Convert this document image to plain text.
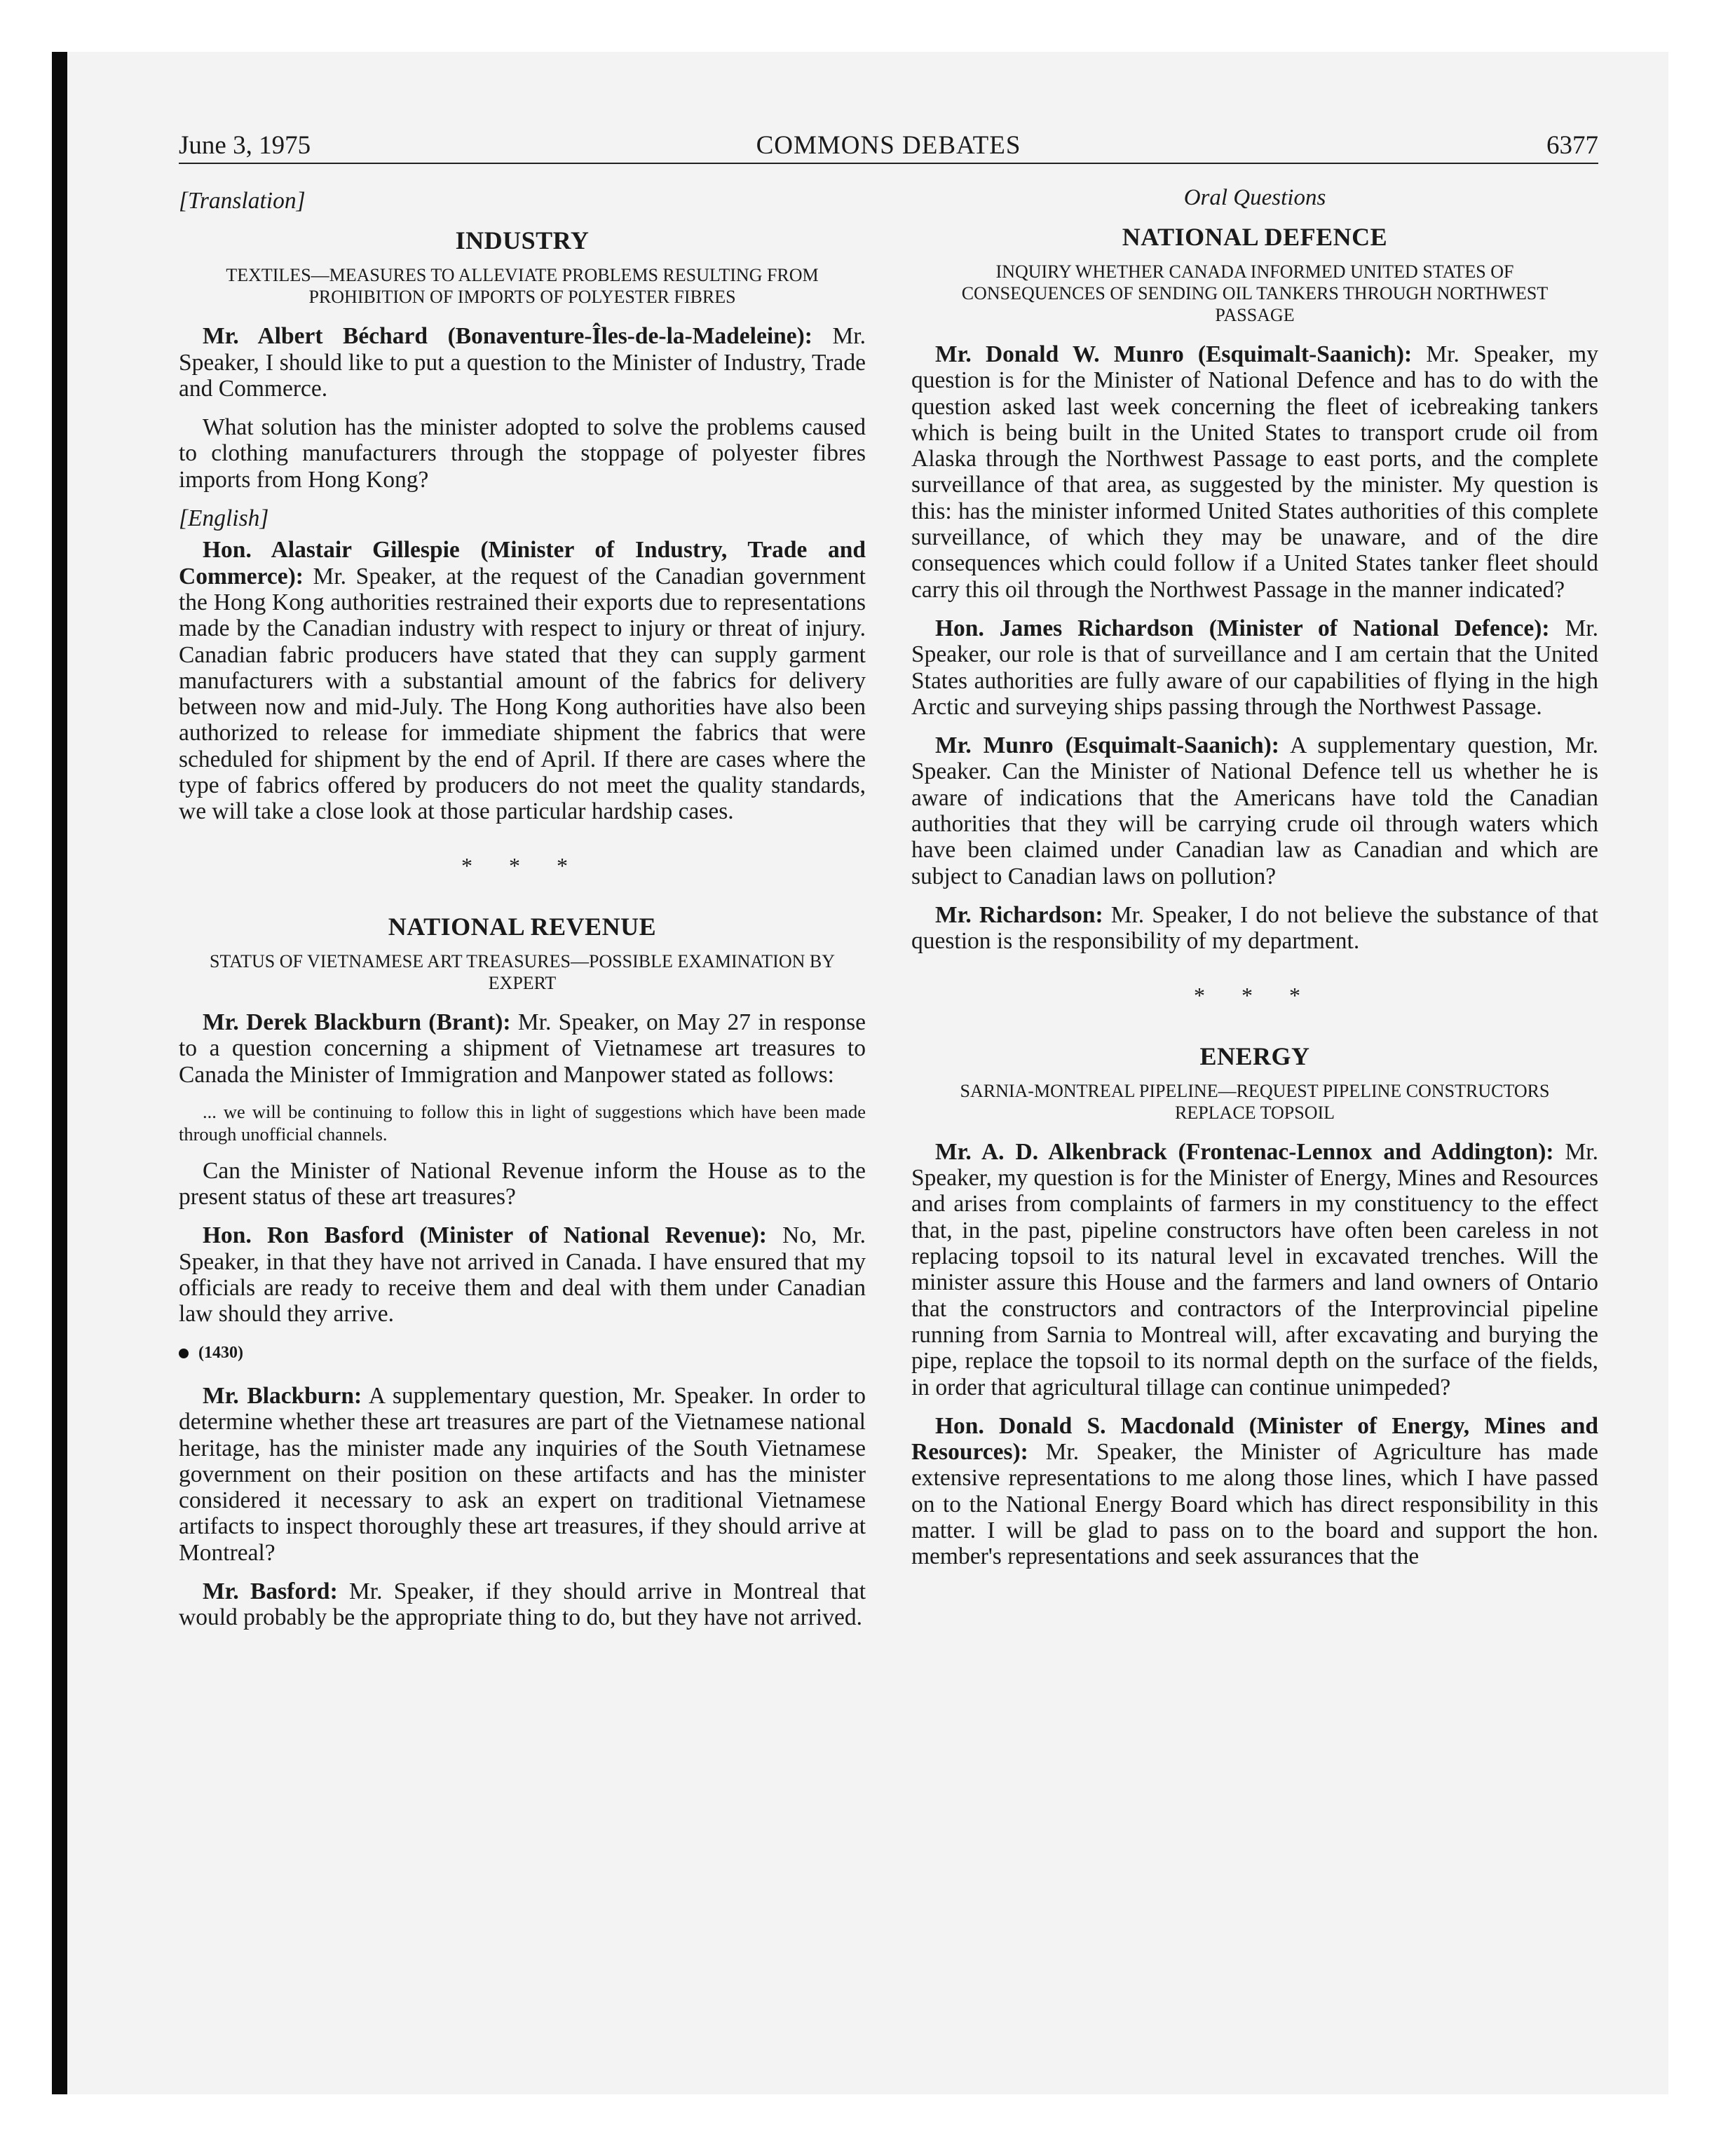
June 3, 1975	COMMONS DEBATES	6377

[Translation]

INDUSTRY
TEXTILES—MEASURES TO ALLEVIATE PROBLEMS RESULTING FROM PROHIBITION OF IMPORTS OF POLYESTER FIBRES

Mr. Albert Béchard (Bonaventure-Îles-de-la-Madeleine): Mr. Speaker, I should like to put a question to the Minister of Industry, Trade and Commerce.

What solution has the minister adopted to solve the problems caused to clothing manufacturers through the stoppage of polyester fibres imports from Hong Kong?

[English]

Hon. Alastair Gillespie (Minister of Industry, Trade and Commerce): Mr. Speaker, at the request of the Canadian government the Hong Kong authorities restrained their exports due to representations made by the Canadian industry with respect to injury or threat of injury. Canadian fabric producers have stated that they can supply garment manufacturers with a substantial amount of the fabrics for delivery between now and mid-July. The Hong Kong authorities have also been authorized to release for immediate shipment the fabrics that were scheduled for shipment by the end of April. If there are cases where the type of fabrics offered by producers do not meet the quality standards, we will take a close look at those particular hardship cases.

* * *
NATIONAL REVENUE
STATUS OF VIETNAMESE ART TREASURES—POSSIBLE EXAMINATION BY EXPERT

Mr. Derek Blackburn (Brant): Mr. Speaker, on May 27 in response to a question concerning a shipment of Vietnamese art treasures to Canada the Minister of Immigration and Manpower stated as follows:

... we will be continuing to follow this in light of suggestions which have been made through unofficial channels.

Can the Minister of National Revenue inform the House as to the present status of these art treasures?

Hon. Ron Basford (Minister of National Revenue): No, Mr. Speaker, in that they have not arrived in Canada. I have ensured that my officials are ready to receive them and deal with them under Canadian law should they arrive.

(1430)

Mr. Blackburn: A supplementary question, Mr. Speaker. In order to determine whether these art treasures are part of the Vietnamese national heritage, has the minister made any inquiries of the South Vietnamese government on their position on these artifacts and has the minister considered it necessary to ask an expert on traditional Vietnamese artifacts to inspect thoroughly these art treasures, if they should arrive at Montreal?

Mr. Basford: Mr. Speaker, if they should arrive in Montreal that would probably be the appropriate thing to do, but they have not arrived.

Oral Questions
NATIONAL DEFENCE
INQUIRY WHETHER CANADA INFORMED UNITED STATES OF CONSEQUENCES OF SENDING OIL TANKERS THROUGH NORTHWEST PASSAGE

Mr. Donald W. Munro (Esquimalt-Saanich): Mr. Speaker, my question is for the Minister of National Defence and has to do with the question asked last week concerning the fleet of icebreaking tankers which is being built in the United States to transport crude oil from Alaska through the Northwest Passage to east ports, and the complete surveillance of that area, as suggested by the minister. My question is this: has the minister informed United States authorities of this complete surveillance, of which they may be unaware, and of the dire consequences which could follow if a United States tanker fleet should carry this oil through the Northwest Passage in the manner indicated?

Hon. James Richardson (Minister of National Defence): Mr. Speaker, our role is that of surveillance and I am certain that the United States authorities are fully aware of our capabilities of flying in the high Arctic and surveying ships passing through the Northwest Passage.

Mr. Munro (Esquimalt-Saanich): A supplementary question, Mr. Speaker. Can the Minister of National Defence tell us whether he is aware of indications that the Americans have told the Canadian authorities that they will be carrying crude oil through waters which have been claimed under Canadian law as Canadian and which are subject to Canadian laws on pollution?

Mr. Richardson: Mr. Speaker, I do not believe the substance of that question is the responsibility of my department.

* * *
ENERGY
SARNIA-MONTREAL PIPELINE—REQUEST PIPELINE CONSTRUCTORS REPLACE TOPSOIL

Mr. A. D. Alkenbrack (Frontenac-Lennox and Addington): Mr. Speaker, my question is for the Minister of Energy, Mines and Resources and arises from complaints of farmers in my constituency to the effect that, in the past, pipeline constructors have often been careless in not replacing topsoil to its natural level in excavated trenches. Will the minister assure this House and the farmers and land owners of Ontario that the constructors and contractors of the Interprovincial pipeline running from Sarnia to Montreal will, after excavating and burying the pipe, replace the topsoil to its normal depth on the surface of the fields, in order that agricultural tillage can continue unimpeded?

Hon. Donald S. Macdonald (Minister of Energy, Mines and Resources): Mr. Speaker, the Minister of Agriculture has made extensive representations to me along those lines, which I have passed on to the National Energy Board which has direct responsibility in this matter. I will be glad to pass on to the board and support the hon. member's representations and seek assurances that the
